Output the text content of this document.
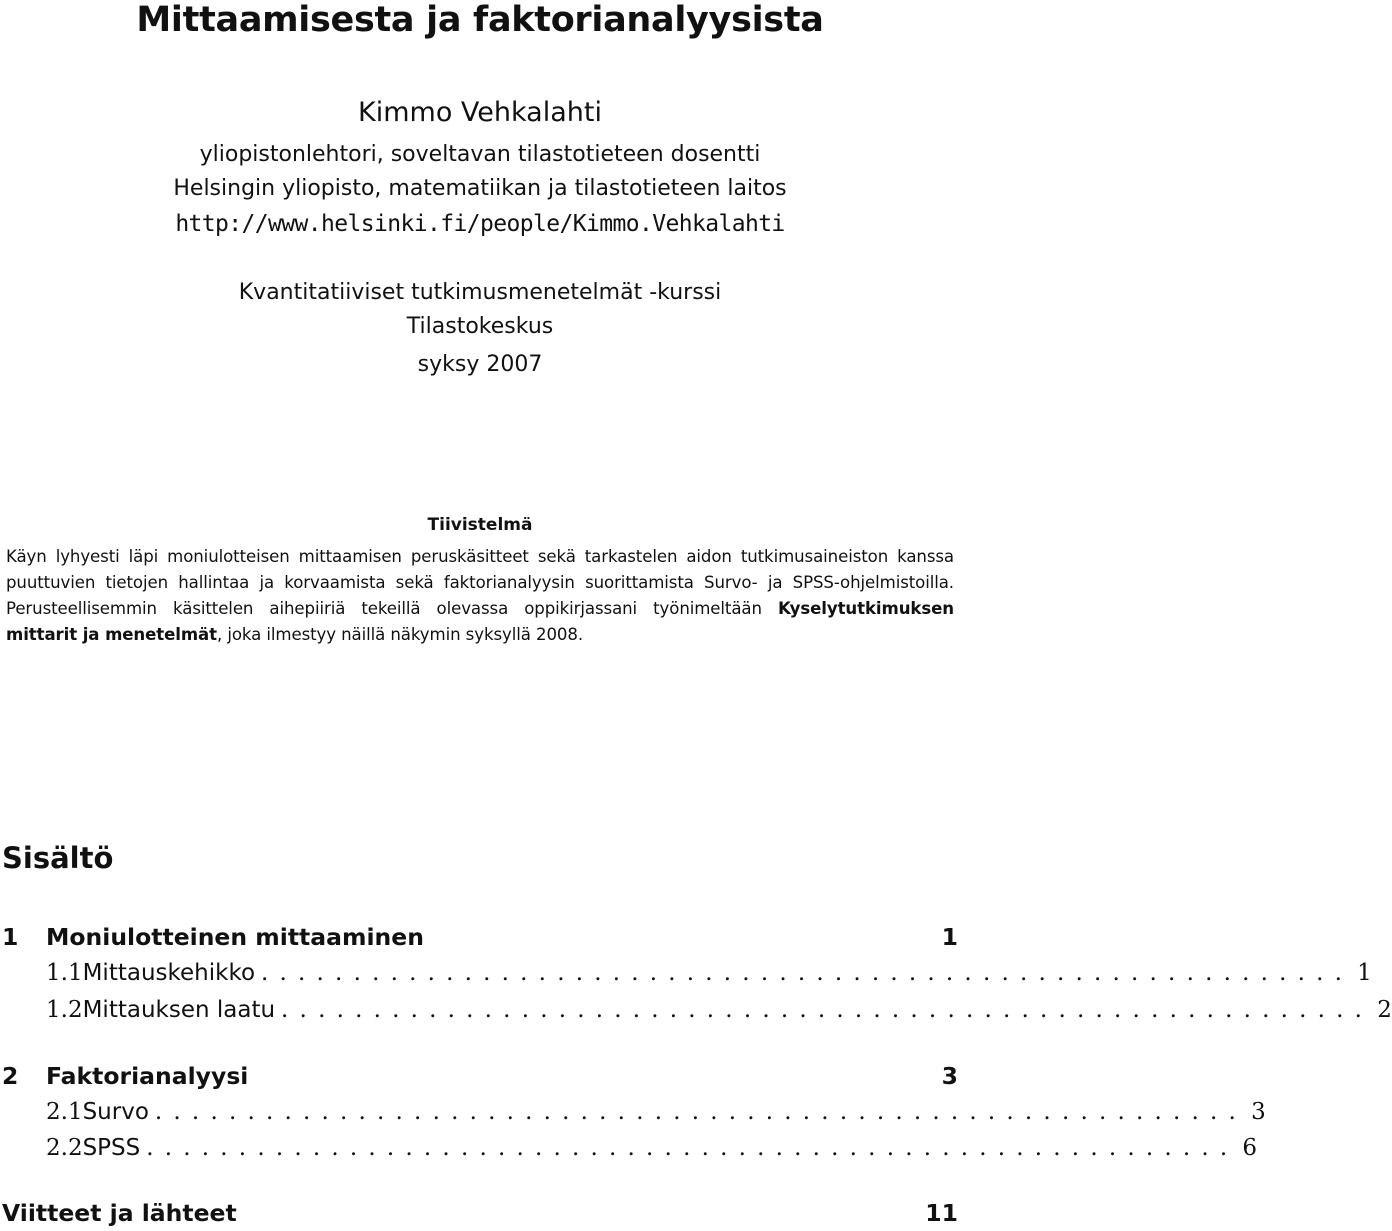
Mittaamisesta ja faktorianalyysista
Kimmo Vehkalahti
yliopistonlehtori, soveltavan tilastotieteen dosentti
Helsingin yliopisto, matematiikan ja tilastotieteen laitos
http://www.helsinki.fi/people/Kimmo.Vehkalahti
Kvantitatiiviset tutkimusmenetelmät -kurssi
Tilastokeskus
syksy 2007
Tiivistelmä
Käyn lyhyesti läpi moniulotteisen mittaamisen peruskäsitteet sekä tarkastelen aidon tutkimusaineiston kanssa puuttuvien tietojen hallintaa ja korvaamista sekä faktorianalyysin suorittamista Survo- ja SPSS-ohjelmistoilla. Perusteellisemmin käsittelen aihepiiriä tekeillä olevassa oppikirjassani työnimeltään Kyselytutkimuksen mittarit ja menetelmät, joka ilmestyy näillä näkymin syksyllä 2008.
Sisältö
1	Moniulotteinen mittaaminen	1
1.1 Mittauskehikko ........................................................... 1
1.2 Mittauksen laatu ........................................................... 2
2	Faktorianalyysi	3
2.1 Survo ........................................................... 3
2.2 SPSS ........................................................... 6
Viitteet ja lähteet	11
